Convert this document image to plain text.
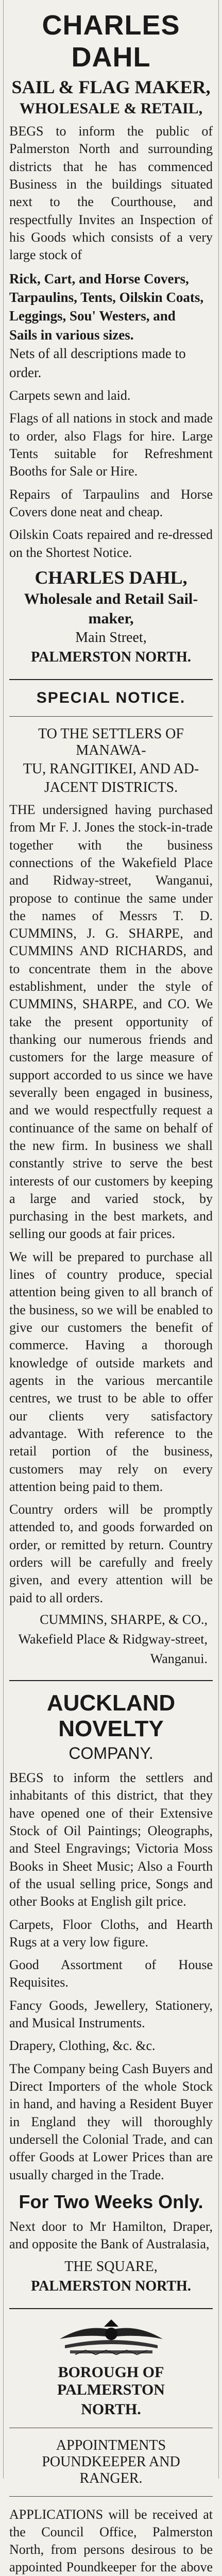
CHARLES DAHL
SAIL & FLAG MAKER,
WHOLESALE & RETAIL,

BEGS to inform the public of Palmerston North and surrounding districts that he has commenced Business in the buildings situated next to the Courthouse, and respectfully Invites an Inspection of his Goods which consists of a very large stock of

Rick, Cart, and Horse Covers,

Tarpaulins, Tents, Oilskin Coats,

Leggings, Sou' Westers, and

Sails in various sizes.

Nets of all descriptions made to

order.

Carpets sewn and laid.

Flags of all nations in stock and made to order, also Flags for hire. Large Tents suitable for Refreshment Booths for Sale or Hire.

Repairs of Tarpaulins and Horse Covers done neat and cheap.

Oilskin Coats repaired and re-dressed on the Shortest Notice.

CHARLES DAHL,
Wholesale and Retail Sail-
maker,
Main Street,
PALMERSTON NORTH.
SPECIAL NOTICE.
TO THE SETTLERS OF MANAWA-
TU, RANGITIKEI, AND AD-
JACENT DISTRICTS.

THE undersigned having purchased from Mr F. J. Jones the stock-in-trade together with the business connections of the Wakefield Place and Ridway-street, Wanganui, propose to continue the same under the names of Messrs T. D. CUMMINS, J. G. SHARPE, and CUMMINS AND RICHARDS, and to concentrate them in the above establishment, under the style of CUMMINS, SHARPE, and CO. We take the present opportunity of thanking our numerous friends and customers for the large measure of support accorded to us since we have severally been engaged in business, and we would respectfully request a continuance of the same on behalf of the new firm. In business we shall constantly strive to serve the best interests of our customers by keeping a large and varied stock, by purchasing in the best markets, and selling our goods at fair prices.

We will be prepared to purchase all lines of country produce, special attention being given to all branch of the business, so we will be enabled to give our customers the benefit of commerce. Having a thorough knowledge of outside markets and agents in the various mercantile centres, we trust to be able to offer our clients very satisfactory advantage. With reference to the retail portion of the business, customers may rely on every attention being paid to them.

Country orders will be promptly attended to, and goods forwarded on order, or remitted by return. Country orders will be carefully and freely given, and every attention will be paid to all orders.

CUMMINS, SHARPE, & CO.,
Wakefield Place & Ridgway-street,
Wanganui.
AUCKLAND NOVELTY
COMPANY.

BEGS to inform the settlers and inhabitants of this district, that they have opened one of their Extensive Stock of Oil Paintings; Oleographs, and Steel Engravings; Victoria Moss Books in Sheet Music; Also a Fourth of the usual selling price, Songs and other Books at English gilt price.

Carpets, Floor Cloths, and Hearth Rugs at a very low figure.

Good Assortment of House Requisites.

Fancy Goods, Jewellery, Stationery, and Musical Instruments.

Drapery, Clothing, &c. &c.

The Company being Cash Buyers and Direct Importers of the whole Stock in hand, and having a Resident Buyer in England they will thoroughly undersell the Colonial Trade, and can offer Goods at Lower Prices than are usually charged in the Trade.

For Two Weeks Only.

Next door to Mr Hamilton, Draper, and opposite the Bank of Australasia,

THE SQUARE,
PALMERSTON NORTH.
BOROUGH OF PALMERSTON
NORTH.
APPOINTMENTS POUNDKEEPER AND RANGER.

APPLICATIONS will be received at the Council Office, Palmerston North, from persons desirous to be appointed Poundkeeper for the above
